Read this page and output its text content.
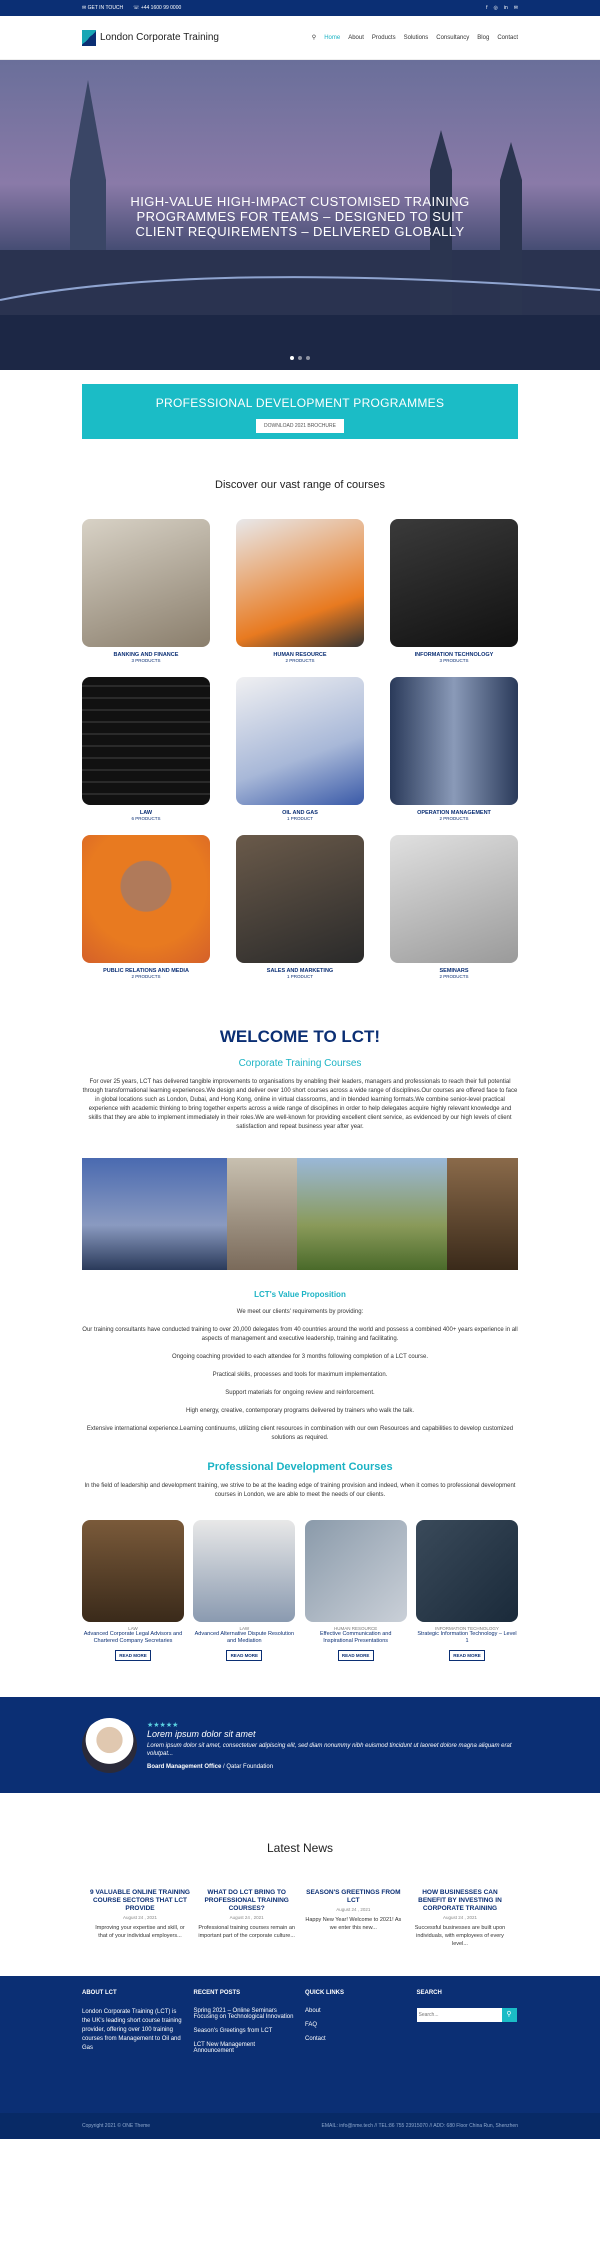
✉ GET IN TOUCH ☏ +44 1600 99 0000	f ◎ in ✉
London Corporate Training	⚲ Home About Products Solutions Consultancy Blog Contact
HIGH-VALUE HIGH-IMPACT CUSTOMISED TRAINING PROGRAMMES FOR TEAMS – DESIGNED TO SUIT CLIENT REQUIREMENTS – DELIVERED GLOBALLY
PROFESSIONAL DEVELOPMENT PROGRAMMES
DOWNLOAD 2021 BROCHURE
Discover our vast range of courses
BANKING AND FINANCE
3 PRODUCTS
HUMAN RESOURCE
2 PRODUCTS
INFORMATION TECHNOLOGY
3 PRODUCTS
LAW
6 PRODUCTS
OIL AND GAS
1 PRODUCT
OPERATION MANAGEMENT
2 PRODUCTS
PUBLIC RELATIONS AND MEDIA
2 PRODUCTS
SALES AND MARKETING
1 PRODUCT
SEMINARS
2 PRODUCTS
WELCOME TO LCT!
Corporate Training Courses

For over 25 years, LCT has delivered tangible improvements to organisations by enabling their leaders, managers and professionals to reach their full potential through transformational learning experiences.We design and deliver over 100 short courses across a wide range of disciplines.Our courses are offered face to face in global locations such as London, Dubai, and Hong Kong, online in virtual classrooms, and in blended learning formats.We combine senior-level practical experience with academic thinking to bring together experts across a wide range of disciplines in order to help delegates acquire highly relevant knowledge and skills that they are able to implement immediately in their roles.We are well-known for providing excellent client service, as evidenced by our high levels of client satisfaction and repeat business year after year.

LCT's Value Proposition

We meet our clients' requirements by providing:

Our training consultants have conducted training to over 20,000 delegates from 40 countries around the world and possess a combined 400+ years experience in all aspects of management and executive leadership, training and facilitating.

Ongoing coaching provided to each attendee for 3 months following completion of a LCT course.

Practical skills, processes and tools for maximum implementation.

Support materials for ongoing review and reinforcement.

High energy, creative, contemporary programs delivered by trainers who walk the talk.

Extensive international experience.Learning continuums, utilizing client resources in combination with our own Resources and capabilities to develop customized solutions as required.

Professional Development Courses

In the field of leadership and development training, we strive to be at the leading edge of training provision and indeed, when it comes to professional development courses in London, we are able to meet the needs of our clients.

LAW
Advanced Corporate Legal Advisors and Chartered Company Secretaries
READ MORE
LAW
Advanced Alternative Dispute Resolution and Mediation
READ MORE
HUMAN RESOURCE
Effective Communication and Inspirational Presentations
READ MORE
INFORMATION TECHNOLOGY
Strategic Information Technology – Level 1
READ MORE
★★★★★
Lorem ipsum dolor sit amet
Lorem ipsum dolor sit amet, consectetuer adipiscing elit, sed diam nonummy nibh euismod tincidunt ut laoreet dolore magna aliquam erat volutpat...
Board Management Office / Qatar Foundation
Latest News
9 VALUABLE ONLINE TRAINING COURSE SECTORS THAT LCT PROVIDE
August 24 , 2021
Improving your expertise and skill, or that of your individual employers...
WHAT DO LCT BRING TO PROFESSIONAL TRAINING COURSES?
August 24 , 2021
Professional training courses remain an important part of the corporate culture...
SEASON'S GREETINGS FROM LCT
August 24 , 2021
Happy New Year! Welcome to 2021! As we enter this new...
HOW BUSINESSES CAN BENEFIT BY INVESTING IN CORPORATE TRAINING
August 24 , 2021
Successful businesses are built upon individuals, with employees of every level...
ABOUT LCT

London Corporate Training (LCT) is the UK's leading short course training provider, offering over 100 training courses from Management to Oil and Gas

RECENT POSTS
Spring 2021 – Online Seminars Focusing on Technological Innovation
Season's Greetings from LCT
LCT New Management Announcement
QUICK LINKS
About
FAQ
Contact
SEARCH
Search...
⚲
Copyright 2021 © ONE Theme	EMAIL: info@nme.tech // TEL:86 755 23915070 // ADD: 680 Floor China Run, Shenzhen
